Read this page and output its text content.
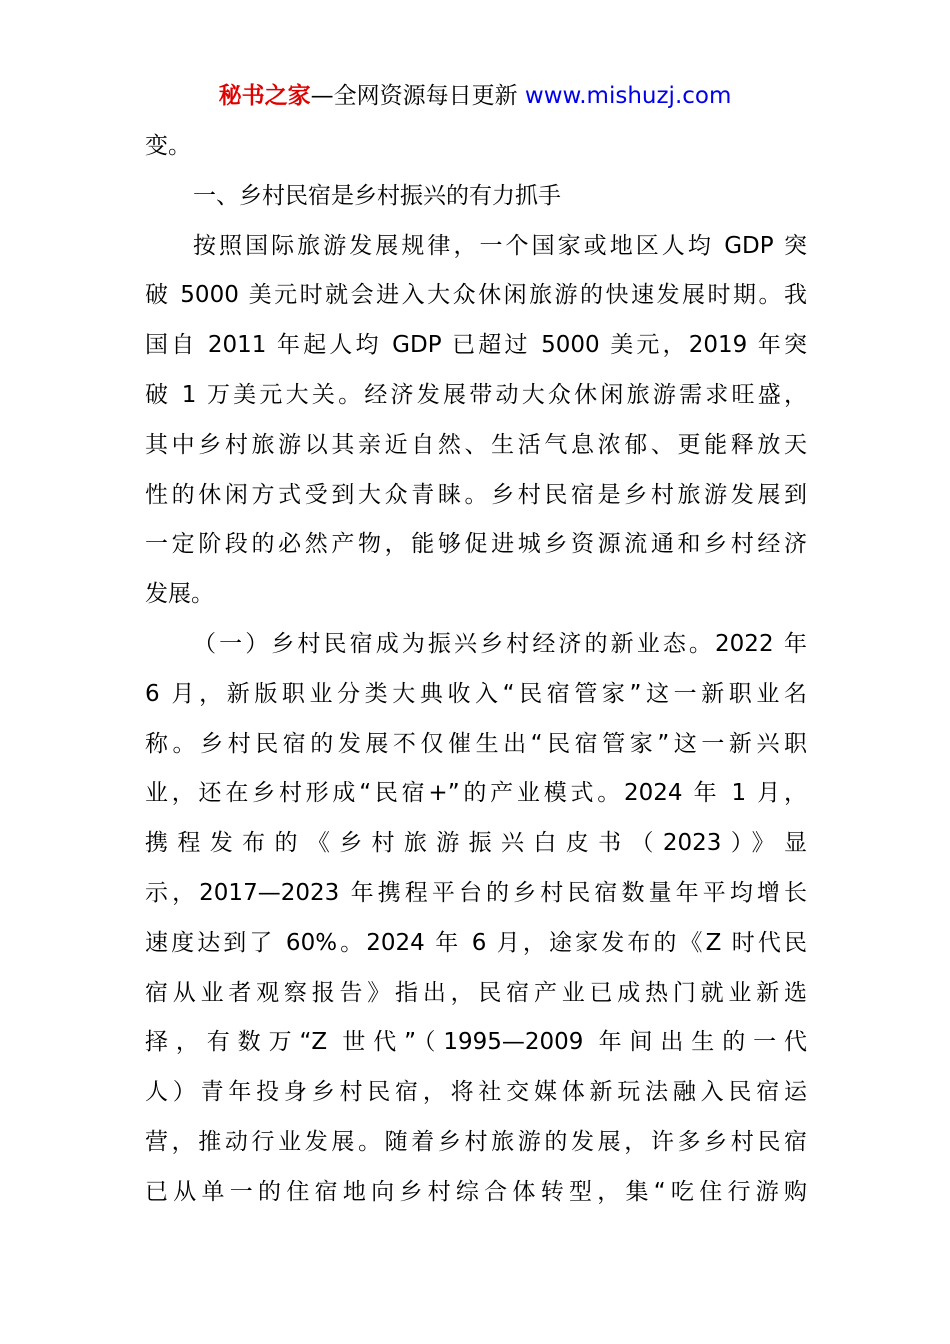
秘书之家—全网资源每日更新 www.mishuzj.com
变。
一、乡村民宿是乡村振兴的有力抓手
按照国际旅游发展规律，一个国家或地区人均 GDP 突
破 5000 美元时就会进入大众休闲旅游的快速发展时期。我
国自 2011 年起人均 GDP 已超过 5000 美元，2019 年突
破 1 万美元大关。经济发展带动大众休闲旅游需求旺盛，
其中乡村旅游以其亲近自然、生活气息浓郁、更能释放天
性的休闲方式受到大众青睐。乡村民宿是乡村旅游发展到
一定阶段的必然产物，能够促进城乡资源流通和乡村经济
发展。
（一）乡村民宿成为振兴乡村经济的新业态。2022 年
6 月，新版职业分类大典收入“民宿管家”这一新职业名
称。乡村民宿的发展不仅催生出“民宿管家”这一新兴职
业，还在乡村形成“民宿+”的产业模式。2024 年 1 月，
携程发布的《乡村旅游振兴白皮书（2023）》显
示，2017—2023 年携程平台的乡村民宿数量年平均增长
速度达到了 60%。2024 年 6 月，途家发布的《Z 时代民
宿从业者观察报告》指出，民宿产业已成热门就业新选
择，有数万“Z 世代”（1995—2009 年间出生的一代
人）青年投身乡村民宿，将社交媒体新玩法融入民宿运
营，推动行业发展。随着乡村旅游的发展，许多乡村民宿
已从单一的住宿地向乡村综合体转型，集“吃住行游购
